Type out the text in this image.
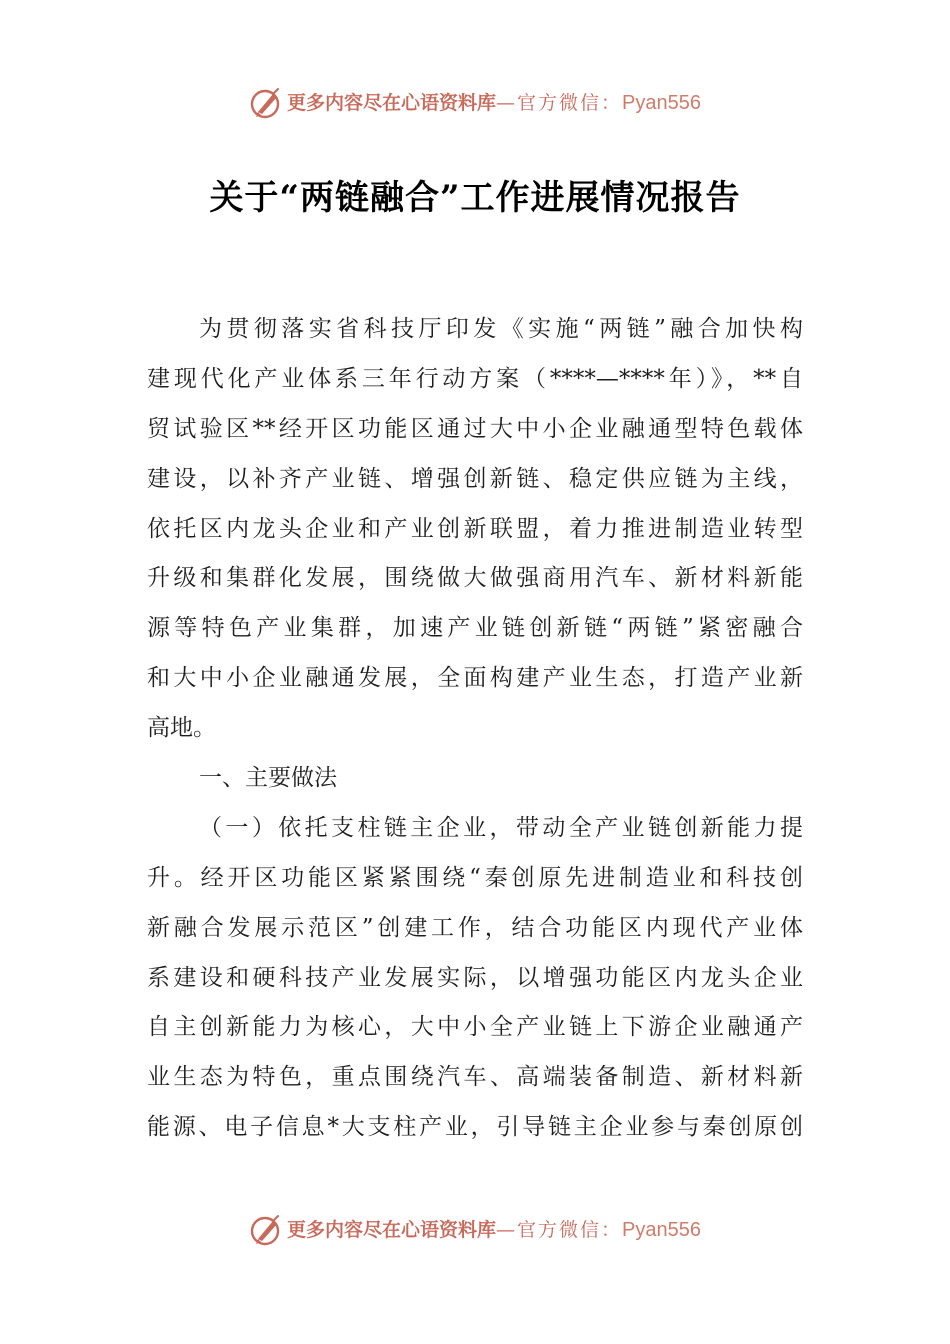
更多内容尽在心语资料库 —官方微信： Pyan556
关于“两链融合”工作进展情况报告
为贯彻落实省科技厅印发《实施“两链”融合加快构
建现代化产业体系三年行动方案（****—****年）》，**自
贸试验区**经开区功能区通过大中小企业融通型特色载体
建设，以补齐产业链、增强创新链、稳定供应链为主线，
依托区内龙头企业和产业创新联盟，着力推进制造业转型
升级和集群化发展，围绕做大做强商用汽车、新材料新能
源等特色产业集群，加速产业链创新链“两链”紧密融合
和大中小企业融通发展，全面构建产业生态，打造产业新
高地。
一、主要做法
（一）依托支柱链主企业，带动全产业链创新能力提
升。经开区功能区紧紧围绕“秦创原先进制造业和科技创
新融合发展示范区”创建工作，结合功能区内现代产业体
系建设和硬科技产业发展实际，以增强功能区内龙头企业
自主创新能力为核心，大中小全产业链上下游企业融通产
业生态为特色，重点围绕汽车、高端装备制造、新材料新
能源、电子信息*大支柱产业，引导链主企业参与秦创原创
更多内容尽在心语资料库 —官方微信： Pyan556
